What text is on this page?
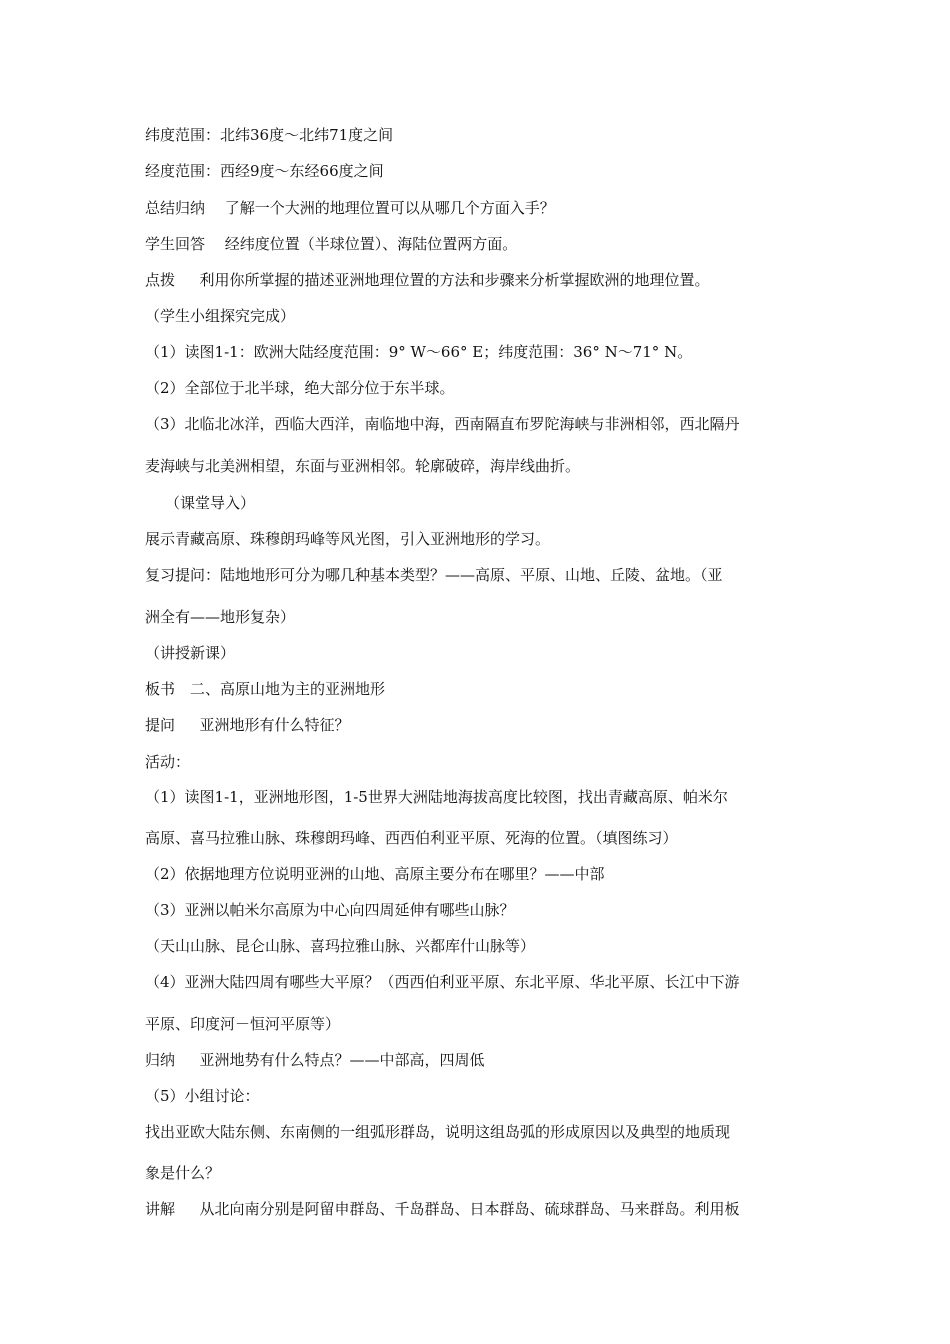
纬度范围：北纬36度～北纬71度之间
经度范围：西经9度～东经66度之间
总结归纳　 了解一个大洲的地理位置可以从哪几个方面入手？
学生回答　 经纬度位置（半球位置）、海陆位置两方面。
点拨　  利用你所掌握的描述亚洲地理位置的方法和步骤来分析掌握欧洲的地理位置。
（学生小组探究完成）
（1）读图1-1：欧洲大陆经度范围：9° W～66° E；纬度范围：36° N～71° N。
（2）全部位于北半球，绝大部分位于东半球。
（3）北临北冰洋，西临大西洋，南临地中海，西南隔直布罗陀海峡与非洲相邻，西北隔丹
麦海峡与北美洲相望，东面与亚洲相邻。轮廓破碎，海岸线曲折。
（课堂导入）
展示青藏高原、珠穆朗玛峰等风光图，引入亚洲地形的学习。
复习提问：陆地地形可分为哪几种基本类型？——高原、平原、山地、丘陵、盆地。（亚
洲全有——地形复杂）
（讲授新课）
板书　二、高原山地为主的亚洲地形
提问　  亚洲地形有什么特征？
活动：
（1）读图1-1，亚洲地形图，1-5世界大洲陆地海拔高度比较图，找出青藏高原、帕米尔
高原、喜马拉雅山脉、珠穆朗玛峰、西西伯利亚平原、死海的位置。（填图练习）
（2）依据地理方位说明亚洲的山地、高原主要分布在哪里？——中部
（3）亚洲以帕米尔高原为中心向四周延伸有哪些山脉？
（天山山脉、昆仑山脉、喜玛拉雅山脉、兴都库什山脉等）
（4）亚洲大陆四周有哪些大平原？（西西伯利亚平原、东北平原、华北平原、长江中下游
平原、印度河－恒河平原等）
归纳　  亚洲地势有什么特点？——中部高，四周低
（5）小组讨论：
找出亚欧大陆东侧、东南侧的一组弧形群岛，说明这组岛弧的形成原因以及典型的地质现
象是什么？
讲解　  从北向南分别是阿留申群岛、千岛群岛、日本群岛、硫球群岛、马来群岛。利用板
